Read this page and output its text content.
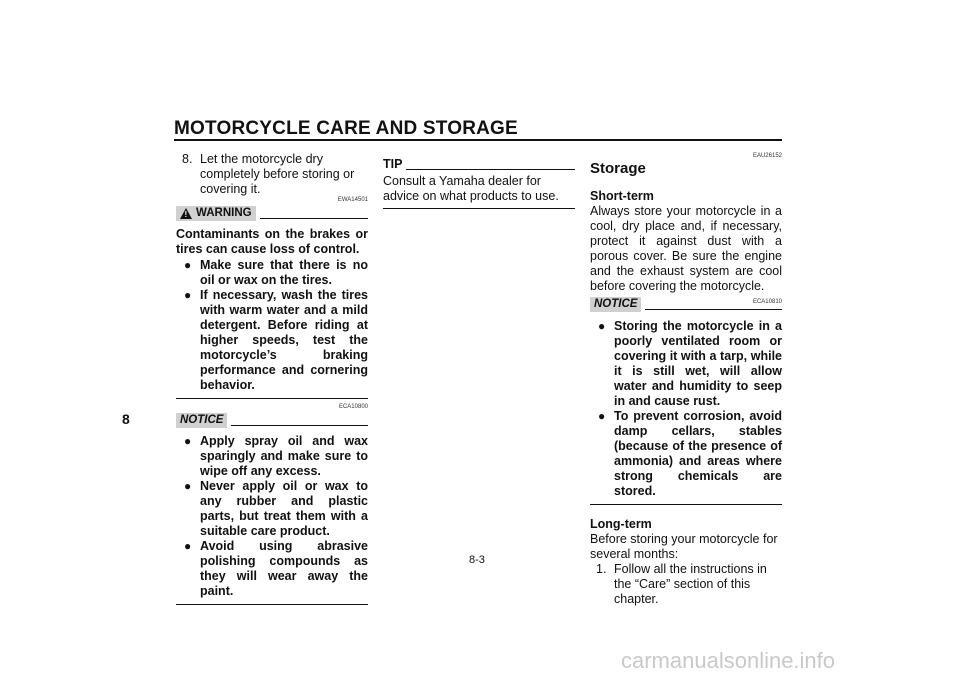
MOTORCYCLE CARE AND STORAGE
8
8. Let the motorcycle dry completely before storing or covering it.
EWA14501
! WARNING

Contaminants on the brakes or tires can cause loss of control.

● Make sure that there is no oil or wax on the tires.
● If necessary, wash the tires with warm water and a mild detergent. Before riding at higher speeds, test the motorcycle’s braking performance and cornering behavior.
ECA10800
NOTICE
● Apply spray oil and wax sparingly and make sure to wipe off any excess.
● Never apply oil or wax to any rubber and plastic parts, but treat them with a suitable care product.
● Avoid using abrasive polishing compounds as they will wear away the paint.
TIP

Consult a Yamaha dealer for advice on what products to use.

EAU26152
Storage

Short-term

Always store your motorcycle in a cool, dry place and, if necessary, protect it against dust with a porous cover. Be sure the engine and the exhaust system are cool before covering the motorcycle.

NOTICE	ECA10810
● Storing the motorcycle in a poorly ventilated room or covering it with a tarp, while it is still wet, will allow water and humidity to seep in and cause rust.
● To prevent corrosion, avoid damp cellars, stables (because of the presence of ammonia) and areas where strong chemicals are stored.

Long-term

Before storing your motorcycle for several months:

1. Follow all the instructions in the “Care” section of this chapter.
8-3
carmanualsonline.info
